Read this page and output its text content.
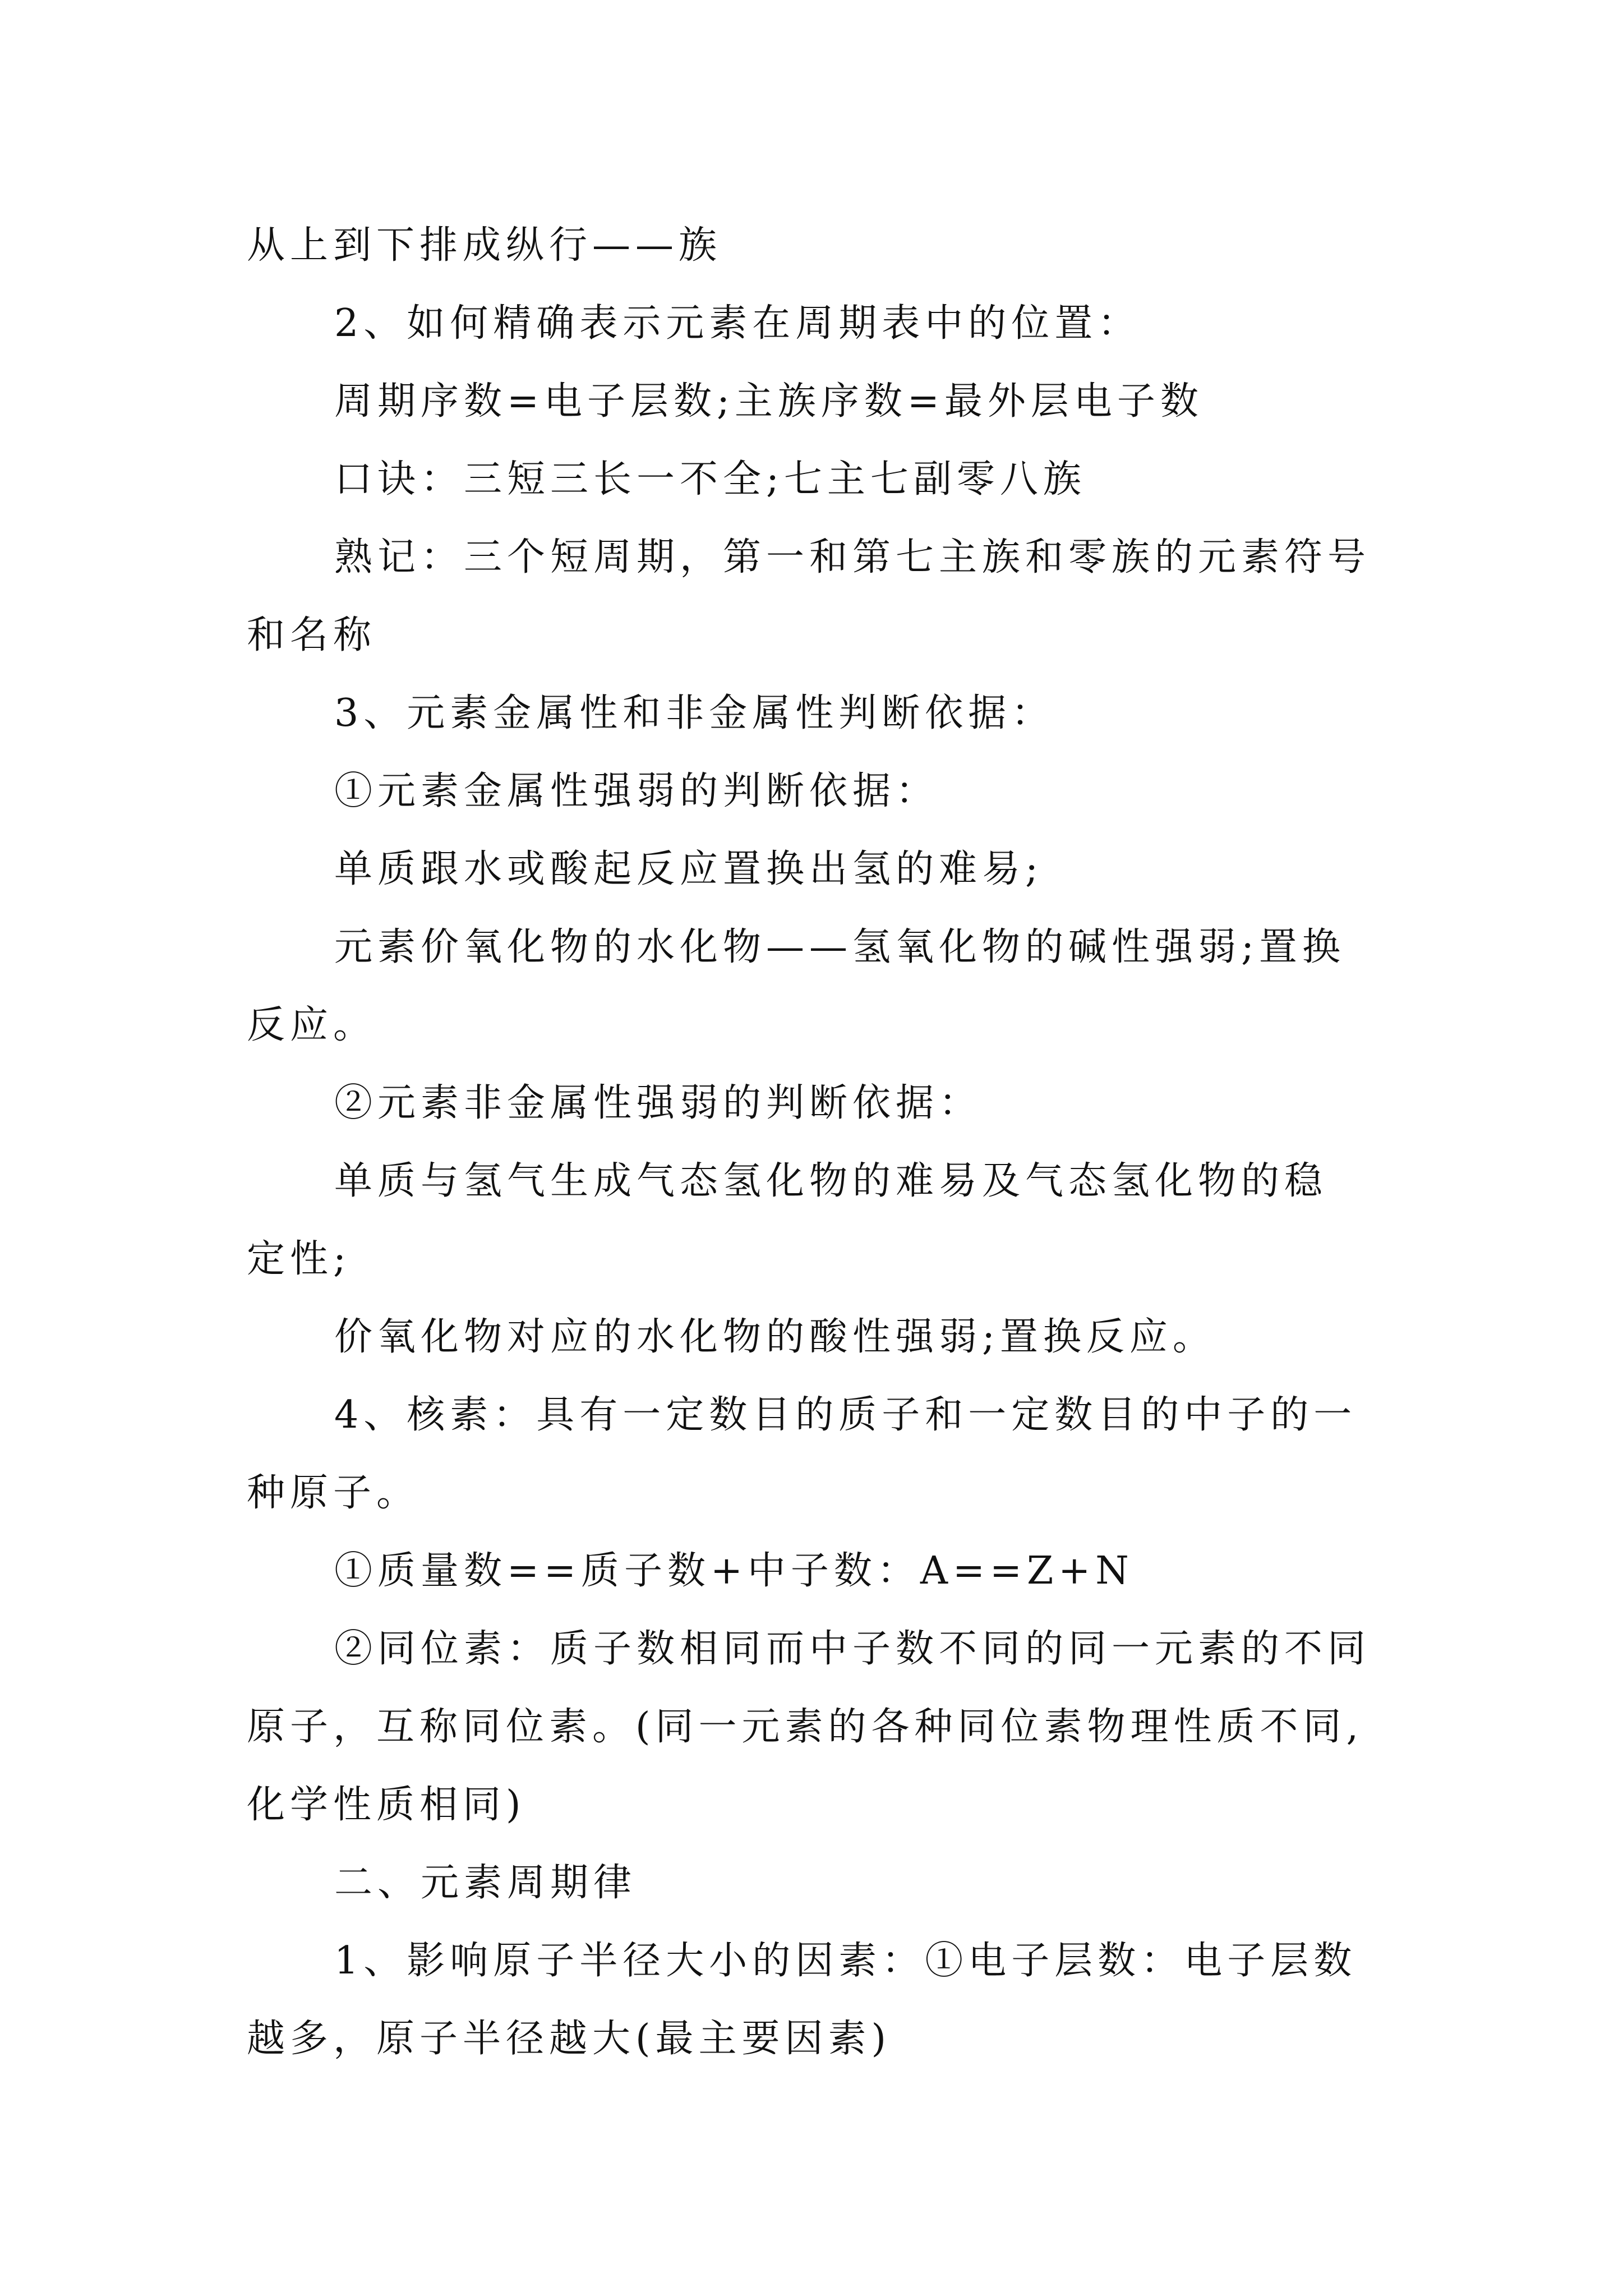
从上到下排成纵行——族
2、如何精确表示元素在周期表中的位置：
周期序数=电子层数;主族序数=最外层电子数
口诀：三短三长一不全;七主七副零八族
熟记：三个短周期，第一和第七主族和零族的元素符号
和名称
3、元素金属性和非金属性判断依据：
①元素金属性强弱的判断依据：
单质跟水或酸起反应置换出氢的难易;
元素价氧化物的水化物——氢氧化物的碱性强弱;置换
反应。
②元素非金属性强弱的判断依据：
单质与氢气生成气态氢化物的难易及气态氢化物的稳
定性;
价氧化物对应的水化物的酸性强弱;置换反应。
4、核素：具有一定数目的质子和一定数目的中子的一
种原子。
①质量数==质子数+中子数：A==Z+N
②同位素：质子数相同而中子数不同的同一元素的不同
原子，互称同位素。(同一元素的各种同位素物理性质不同,
化学性质相同)
二、元素周期律
1、影响原子半径大小的因素：①电子层数：电子层数
越多，原子半径越大(最主要因素)
